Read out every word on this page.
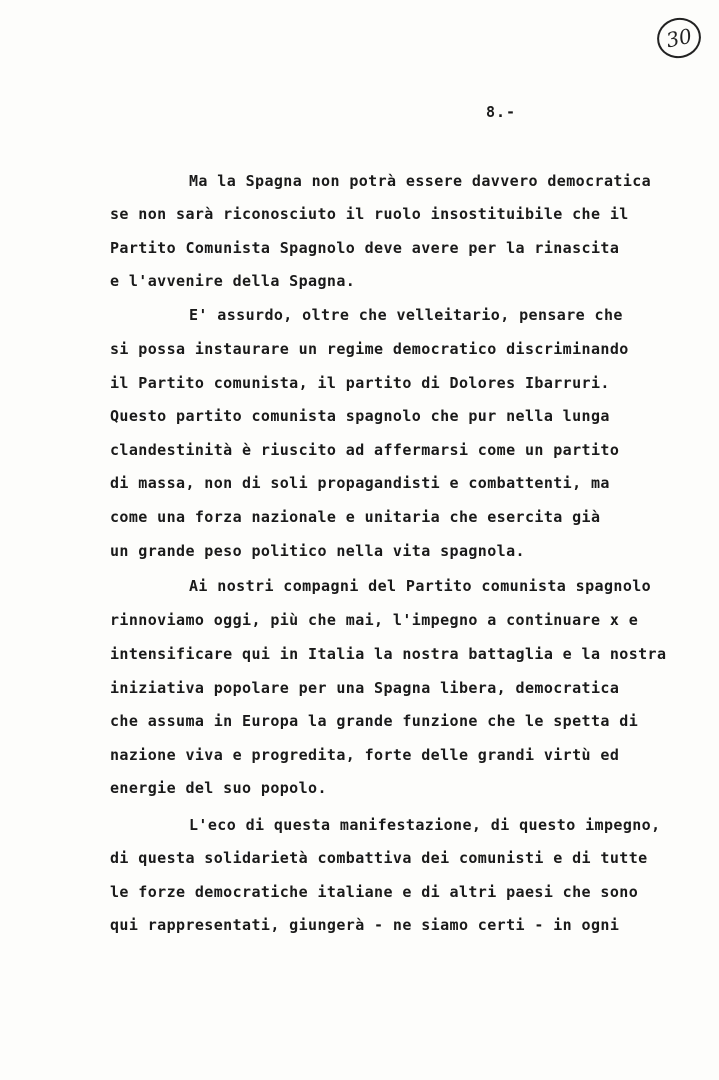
30
8.-
Ma la Spagna non potrà essere davvero democratica
se non sarà riconosciuto il ruolo insostituibile che il
Partito Comunista Spagnolo deve avere per la rinascita
e l'avvenire della Spagna.
E' assurdo, oltre che velleitario, pensare che
si possa instaurare un regime democratico discriminando
il Partito comunista, il partito di Dolores Ibarruri.
Questo partito comunista spagnolo che pur nella lunga
clandestinità è riuscito ad affermarsi come un partito
di massa, non di soli propagandisti e combattenti, ma
come una forza nazionale e unitaria che esercita già
un grande peso politico nella vita spagnola.
Ai nostri compagni del Partito comunista spagnolo
rinnoviamo oggi, più che mai, l'impegno a continuare x e
intensificare qui in Italia la nostra battaglia e la nostra
iniziativa popolare per una Spagna libera, democratica
che assuma in Europa la grande funzione che le spetta di
nazione viva e progredita, forte delle grandi virtù ed
energie del suo popolo.
L'eco di questa manifestazione, di questo impegno,
di questa solidarietà combattiva dei comunisti e di tutte
le forze democratiche italiane e di altri paesi che sono
qui rappresentati, giungerà - ne siamo certi - in ogni
